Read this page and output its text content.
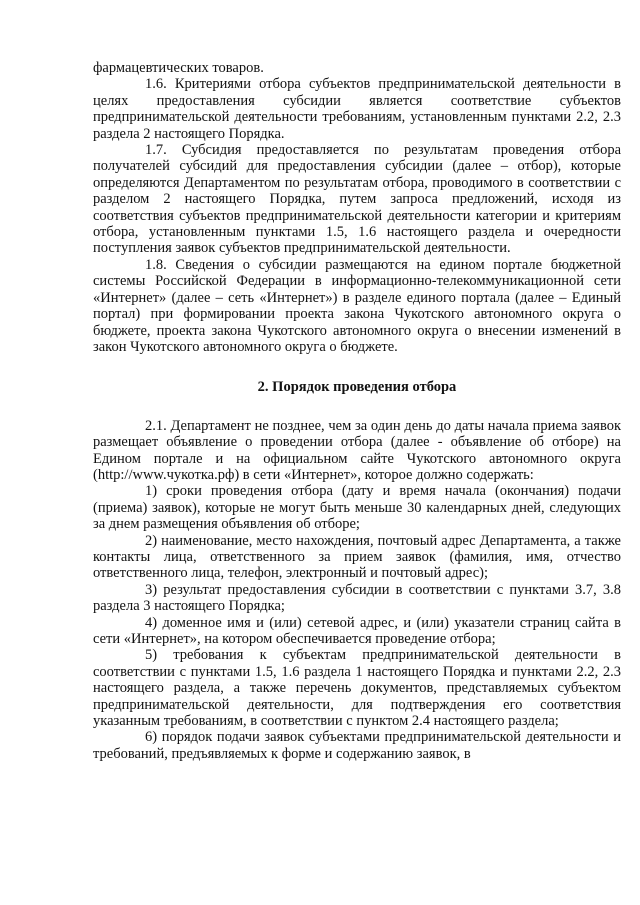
фармацевтических товаров.

1.6. Критериями отбора субъектов предпринимательской деятельности в целях предоставления субсидии является соответствие субъектов предпринимательской деятельности требованиям, установленным пунктами 2.2, 2.3 раздела 2 настоящего Порядка.

1.7. Субсидия предоставляется по результатам проведения отбора получателей субсидий для предоставления субсидии (далее – отбор), которые определяются Департаментом по результатам отбора, проводимого в соответствии с разделом 2 настоящего Порядка, путем запроса предложений, исходя из соответствия субъектов предпринимательской деятельности категории и критериям отбора, установленным пунктами 1.5, 1.6 настоящего раздела и очередности поступления заявок субъектов предпринимательской деятельности.

1.8. Сведения о субсидии размещаются на едином портале бюджетной системы Российской Федерации в информационно-телекоммуникационной сети «Интернет» (далее – сеть «Интернет») в разделе единого портала (далее – Единый портал) при формировании проекта закона Чукотского автономного округа о бюджете, проекта закона Чукотского автономного округа о внесении изменений в закон Чукотского автономного округа о бюджете.

2. Порядок проведения отбора

2.1. Департамент не позднее, чем за один день до даты начала приема заявок размещает объявление о проведении отбора (далее - объявление об отборе) на Едином портале и на официальном сайте Чукотского автономного округа (http://www.чукотка.рф) в сети «Интернет», которое должно содержать:

1) сроки проведения отбора (дату и время начала (окончания) подачи (приема) заявок), которые не могут быть меньше 30 календарных дней, следующих за днем размещения объявления об отборе;

2) наименование, место нахождения, почтовый адрес Департамента, а также контакты лица, ответственного за прием заявок (фамилия, имя, отчество ответственного лица, телефон, электронный и почтовый адрес);

3) результат предоставления субсидии в соответствии с пунктами 3.7, 3.8 раздела 3 настоящего Порядка;

4) доменное имя и (или) сетевой адрес, и (или) указатели страниц сайта в сети «Интернет», на котором обеспечивается проведение отбора;

5) требования к субъектам предпринимательской деятельности в соответствии с пунктами 1.5, 1.6 раздела 1 настоящего Порядка и пунктами 2.2, 2.3 настоящего раздела, а также перечень документов, представляемых субъектом предпринимательской деятельности, для подтверждения его соответствия указанным требованиям, в соответствии с пунктом 2.4 настоящего раздела;

6) порядок подачи заявок субъектами предпринимательской деятельности и требований, предъявляемых к форме и содержанию заявок, в
